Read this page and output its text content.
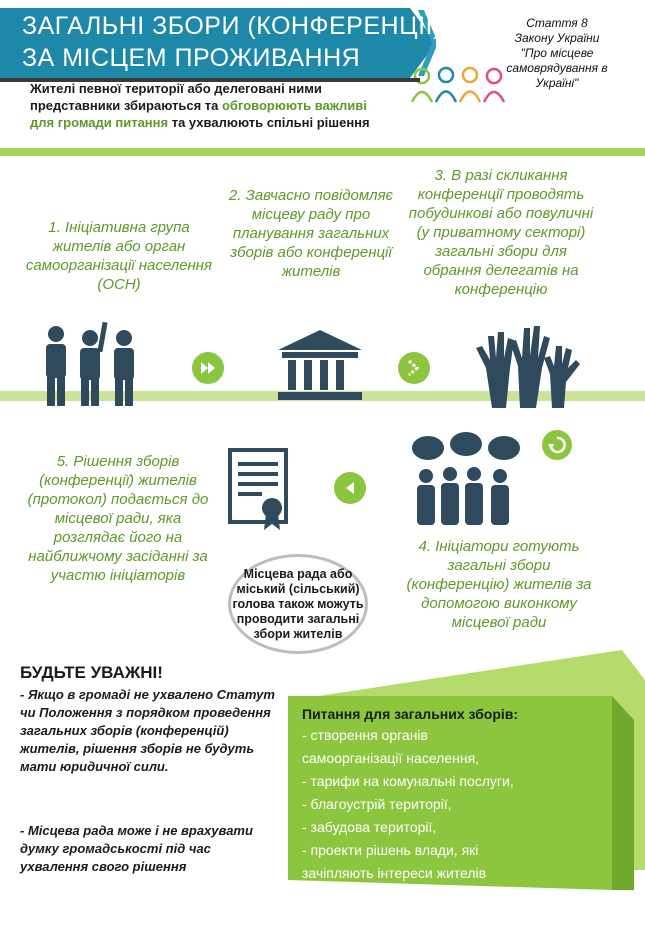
ЗАГАЛЬНІ ЗБОРИ (КОНФЕРЕНЦІЇ)
ЗА МІСЦЕМ ПРОЖИВАННЯ
Стаття 8
Закону України
"Про місцеве самоврядування в Україні"
Жителі певної території або делеговані ними представники збираються та обговорюють важливі для громади питання та ухвалюють спільні рішення
1. Ініціативна група жителів або орган самоорганізації населення (ОСН)
2. Завчасно повідомляє місцеву раду про планування загальних зборів або конференції жителів
3. В разі скликання конференції проводять побудинкові або повуличні (у приватному секторі) загальні збори для обрання делегатів на конференцію
5. Рішення зборів (конференції) жителів (протокол) подається до місцевої ради, яка розглядає його на найближчому засіданні за участю ініціаторів
4. Ініціатори готують загальні збори (конференцію) жителів за допомогою виконкому місцевої ради
Місцева рада або міський (сільський) голова також можуть проводити загальні збори жителів
БУДЬТЕ УВАЖНІ!
- Якщо в громаді не ухвалено Статут чи Положення з порядком проведення загальних зборів (конференцій) жителів, рішення зборів не будуть мати юридичної сили.
- Місцева рада може і не врахувати думку громадськості під час ухвалення свого рішення
Питання для загальних зборів:
- створення органів
самоорганізації населення,
- тарифи на комунальні послуги,
- благоустрій території,
- забудова території,
- проекти рішень влади, які
зачіпляють інтереси жителів
